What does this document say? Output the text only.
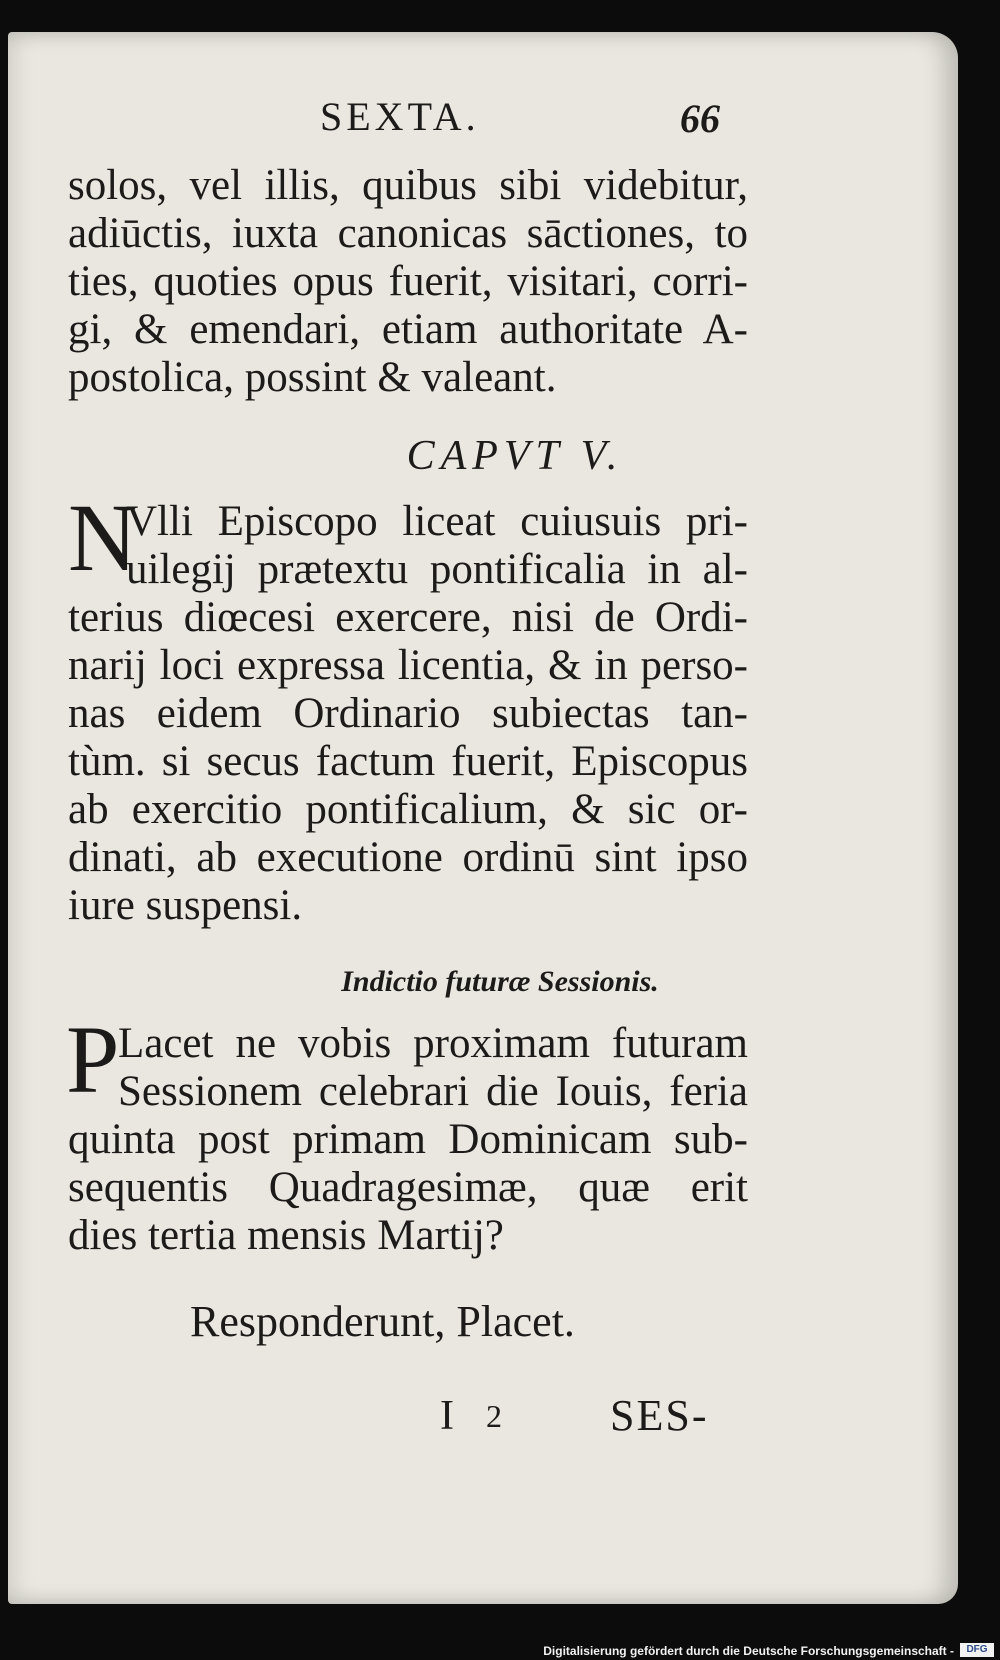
SEXTA.	66
solos, vel illis, quibus sibi videbitur,
adiūctis, iuxta canonicas sāctiones, to
ties, quoties opus fuerit, visitari, corri-
gi, & emendari, etiam authoritate A-
postolica, possint & valeant.
CAPVT V.
N
Vlli Episcopo liceat cuiusuis pri-
uilegij prætextu pontificalia in al-
terius diœcesi exercere, nisi de Ordi-
narij loci expressa licentia, & in perso-
nas eidem Ordinario subiectas tan-
tùm. si secus factum fuerit, Episcopus
ab exercitio pontificalium, & sic or-
dinati, ab executione ordinū sint ipso
iure suspensi.
Indictio futuræ Sessionis.
P
Lacet ne vobis proximam futuram
Sessionem celebrari die Iouis, feria
quinta post primam Dominicam sub-
sequentis Quadragesimæ, quæ erit
dies tertia mensis Martij?
Responderunt, Placet.
I 2 SES-
Digitalisierung gefördert durch die Deutsche Forschungsgemeinschaft -	DFG
